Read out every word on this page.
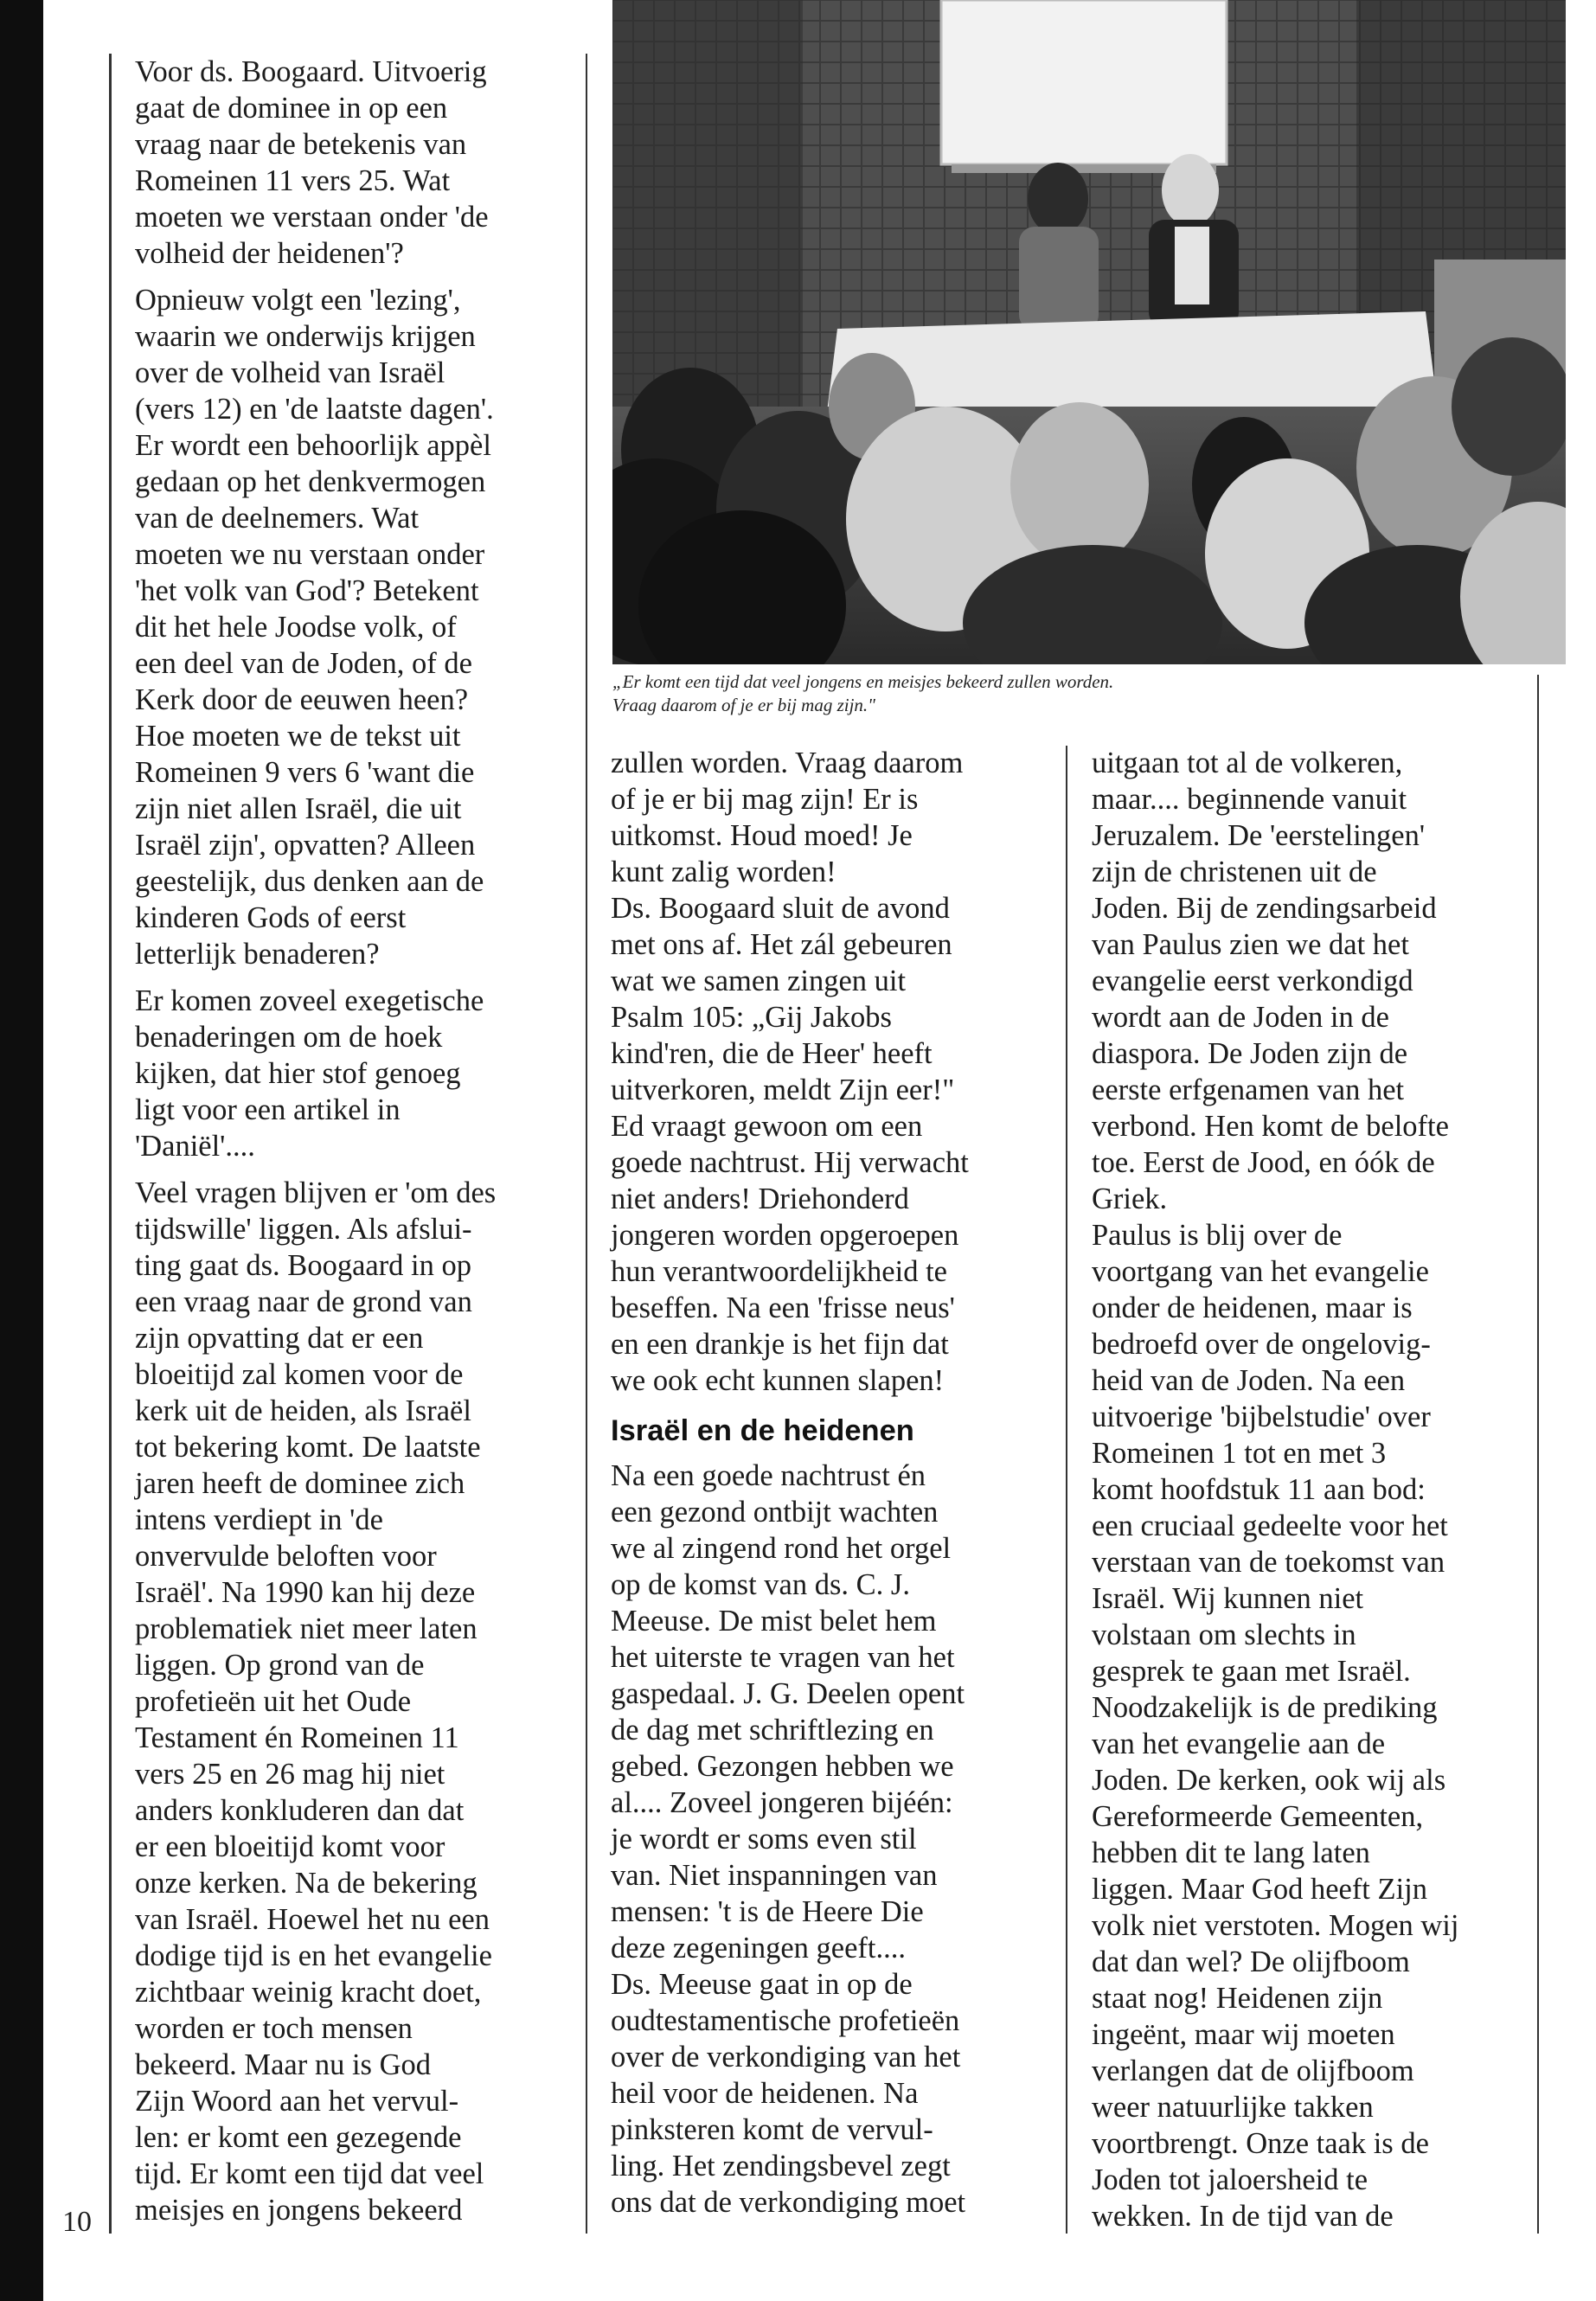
„Er komt een tijd dat veel jongens en meisjes bekeerd zullen worden.
Vraag daarom of je er bij mag zijn."

Voor ds. Boogaard. Uitvoerig
gaat de dominee in op een
vraag naar de betekenis van
Romeinen 11 vers 25. Wat
moeten we verstaan onder 'de
volheid der heidenen'?

Opnieuw volgt een 'lezing',
waarin we onderwijs krijgen
over de volheid van Israël
(vers 12) en 'de laatste dagen'.
Er wordt een behoorlijk appèl
gedaan op het denkvermogen
van de deelnemers. Wat
moeten we nu verstaan onder
'het volk van God'? Betekent
dit het hele Joodse volk, of
een deel van de Joden, of de
Kerk door de eeuwen heen?
Hoe moeten we de tekst uit
Romeinen 9 vers 6 'want die
zijn niet allen Israël, die uit
Israël zijn', opvatten? Alleen
geestelijk, dus denken aan de
kinderen Gods of eerst
letterlijk benaderen?

Er komen zoveel exegetische
benaderingen om de hoek
kijken, dat hier stof genoeg
ligt voor een artikel in
'Daniël'....

Veel vragen blijven er 'om des
tijdswille' liggen. Als afslui-
ting gaat ds. Boogaard in op
een vraag naar de grond van
zijn opvatting dat er een
bloeitijd zal komen voor de
kerk uit de heiden, als Israël
tot bekering komt. De laatste
jaren heeft de dominee zich
intens verdiept in 'de
onvervulde beloften voor
Israël'. Na 1990 kan hij deze
problematiek niet meer laten
liggen. Op grond van de
profetieën uit het Oude
Testament én Romeinen 11
vers 25 en 26 mag hij niet
anders konkluderen dan dat
er een bloeitijd komt voor
onze kerken. Na de bekering
van Israël. Hoewel het nu een
dodige tijd is en het evangelie
zichtbaar weinig kracht doet,
worden er toch mensen
bekeerd. Maar nu is God
Zijn Woord aan het vervul-
len: er komt een gezegende
tijd. Er komt een tijd dat veel
meisjes en jongens bekeerd

zullen worden. Vraag daarom
of je er bij mag zijn! Er is
uitkomst. Houd moed! Je
kunt zalig worden!

Ds. Boogaard sluit de avond
met ons af. Het zál gebeuren
wat we samen zingen uit
Psalm 105: „Gij Jakobs
kind'ren, die de Heer' heeft
uitverkoren, meldt Zijn eer!"
Ed vraagt gewoon om een
goede nachtrust. Hij verwacht
niet anders! Driehonderd
jongeren worden opgeroepen
hun verantwoordelijkheid te
beseffen. Na een 'frisse neus'
en een drankje is het fijn dat
we ook echt kunnen slapen!

Israël en de heidenen

Na een goede nachtrust én
een gezond ontbijt wachten
we al zingend rond het orgel
op de komst van ds. C. J.
Meeuse. De mist belet hem
het uiterste te vragen van het
gaspedaal. J. G. Deelen opent
de dag met schriftlezing en
gebed. Gezongen hebben we
al.... Zoveel jongeren bijéén:
je wordt er soms even stil
van. Niet inspanningen van
mensen: 't is de Heere Die
deze zegeningen geeft....

Ds. Meeuse gaat in op de
oudtestamentische profetieën
over de verkondiging van het
heil voor de heidenen. Na
pinksteren komt de vervul-
ling. Het zendingsbevel zegt
ons dat de verkondiging moet

uitgaan tot al de volkeren,
maar.... beginnende vanuit
Jeruzalem. De 'eerstelingen'
zijn de christenen uit de
Joden. Bij de zendingsarbeid
van Paulus zien we dat het
evangelie eerst verkondigd
wordt aan de Joden in de
diaspora. De Joden zijn de
eerste erfgenamen van het
verbond. Hen komt de belofte
toe. Eerst de Jood, en óók de
Griek.

Paulus is blij over de
voortgang van het evangelie
onder de heidenen, maar is
bedroefd over de ongelovig-
heid van de Joden. Na een
uitvoerige 'bijbelstudie' over
Romeinen 1 tot en met 3
komt hoofdstuk 11 aan bod:
een cruciaal gedeelte voor het
verstaan van de toekomst van
Israël. Wij kunnen niet
volstaan om slechts in
gesprek te gaan met Israël.
Noodzakelijk is de prediking
van het evangelie aan de
Joden. De kerken, ook wij als
Gereformeerde Gemeenten,
hebben dit te lang laten
liggen. Maar God heeft Zijn
volk niet verstoten. Mogen wij
dat dan wel? De olijfboom
staat nog! Heidenen zijn
ingeënt, maar wij moeten
verlangen dat de olijfboom
weer natuurlijke takken
voortbrengt. Onze taak is de
Joden tot jaloersheid te
wekken. In de tijd van de

10
